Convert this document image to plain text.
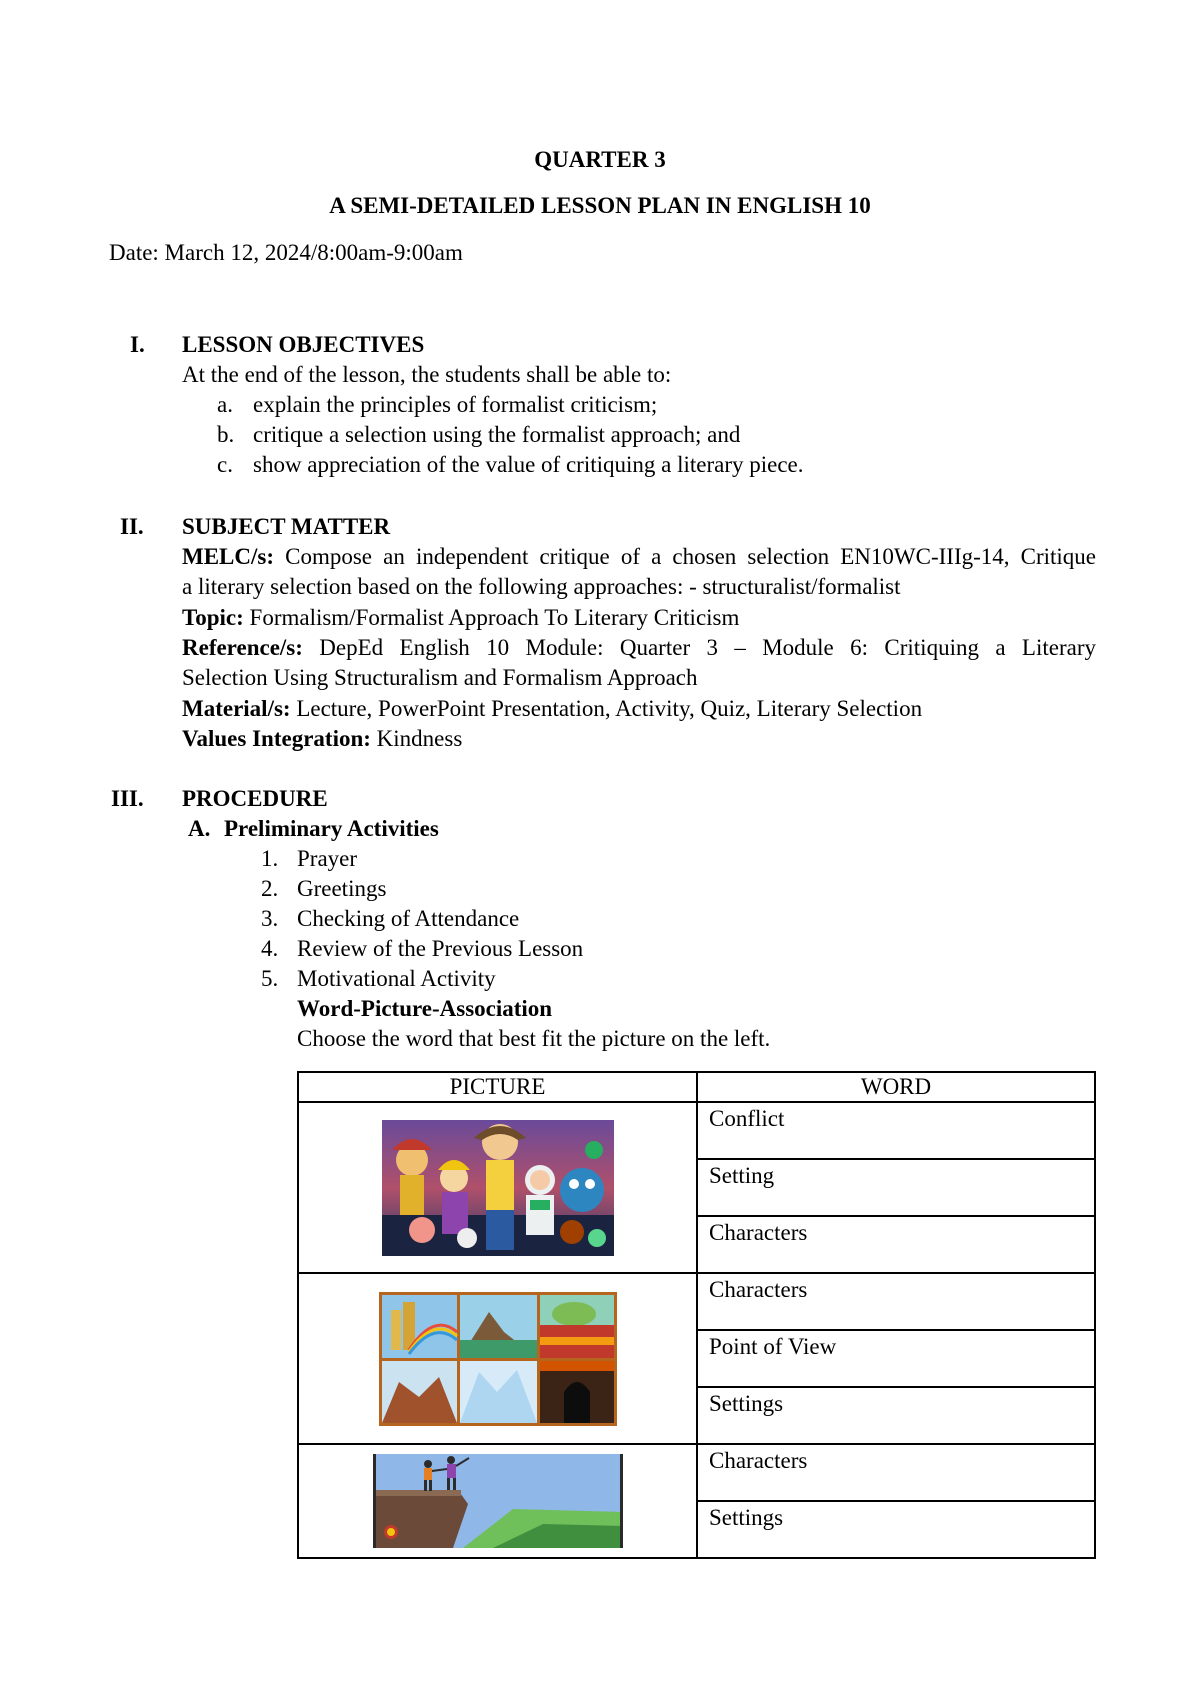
QUARTER 3
A SEMI-DETAILED LESSON PLAN IN ENGLISH 10
Date: March 12, 2024/8:00am-9:00am
I. LESSON OBJECTIVES
At the end of the lesson, the students shall be able to:
a. explain the principles of formalist criticism;
b. critique a selection using the formalist approach; and
c. show appreciation of the value of critiquing a literary piece.
II. SUBJECT MATTER
MELC/s: Compose an independent critique of a chosen selection EN10WC-IIIg-14, Critique
a literary selection based on the following approaches: - structuralist/formalist
Topic: Formalism/Formalist Approach To Literary Criticism
Reference/s: DepEd English 10 Module: Quarter 3 – Module 6: Critiquing a Literary
Selection Using Structuralism and Formalism Approach
Material/s: Lecture, PowerPoint Presentation, Activity, Quiz, Literary Selection
Values Integration: Kindness
III. PROCEDURE
A. Preliminary Activities
1. Prayer
2. Greetings
3. Checking of Attendance
4. Review of the Previous Lesson
5. Motivational Activity
Word-Picture-Association
Choose the word that best fit the picture on the left.
PICTURE	WORD

	Conflict
	Setting
	Characters

	Characters
	Point of View
	Settings

	Characters
	Settings
